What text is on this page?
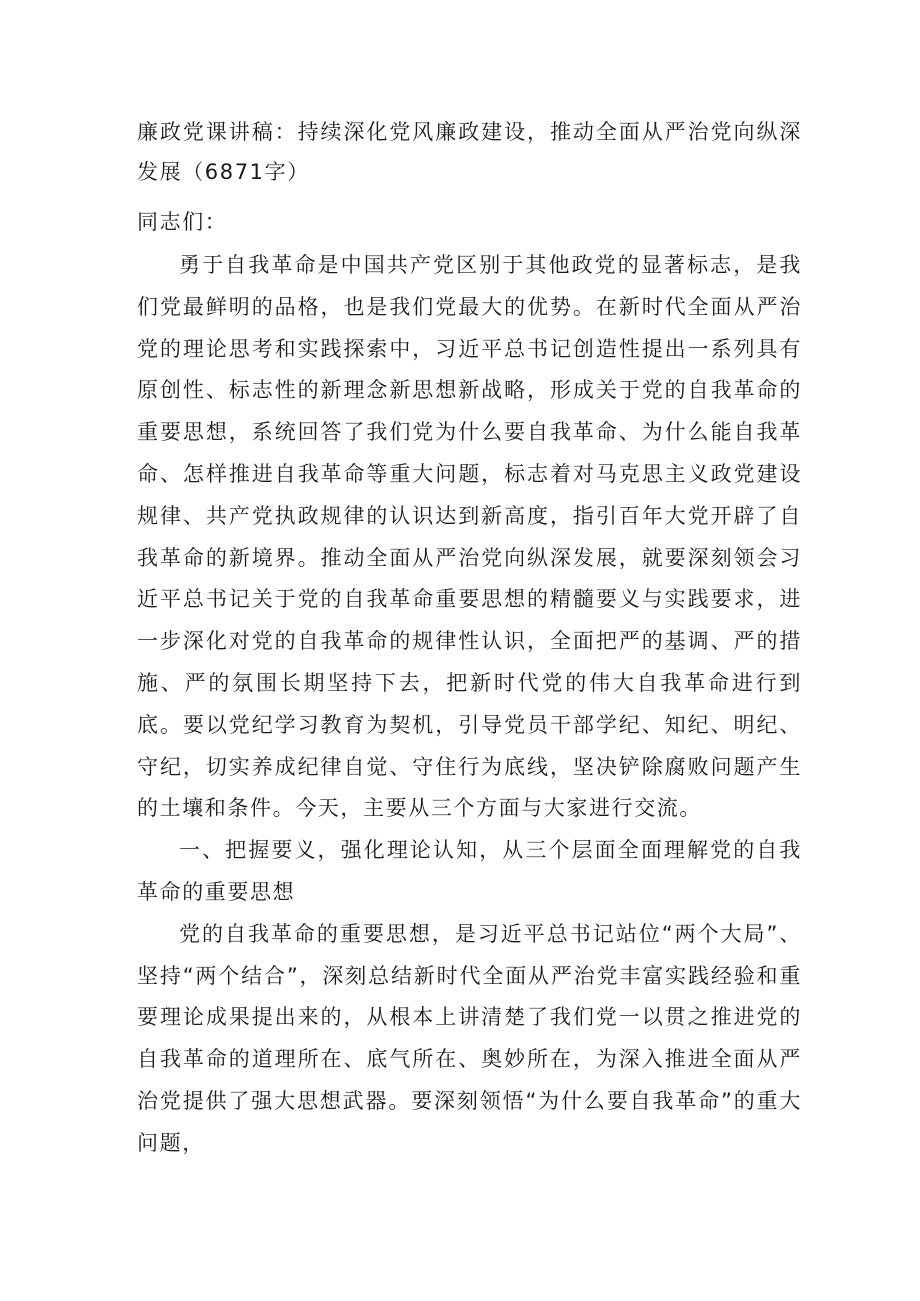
廉政党课讲稿：持续深化党风廉政建设，推动全面从严治党向纵深发展（6871字）

同志们：

勇于自我革命是中国共产党区别于其他政党的显著标志，是我们党最鲜明的品格，也是我们党最大的优势。在新时代全面从严治党的理论思考和实践探索中，习近平总书记创造性提出一系列具有原创性、标志性的新理念新思想新战略，形成关于党的自我革命的重要思想，系统回答了我们党为什么要自我革命、为什么能自我革命、怎样推进自我革命等重大问题，标志着对马克思主义政党建设规律、共产党执政规律的认识达到新高度，指引百年大党开辟了自我革命的新境界。推动全面从严治党向纵深发展，就要深刻领会习近平总书记关于党的自我革命重要思想的精髓要义与实践要求，进一步深化对党的自我革命的规律性认识，全面把严的基调、严的措施、严的氛围长期坚持下去，把新时代党的伟大自我革命进行到底。要以党纪学习教育为契机，引导党员干部学纪、知纪、明纪、守纪，切实养成纪律自觉、守住行为底线，坚决铲除腐败问题产生的土壤和条件。今天，主要从三个方面与大家进行交流。

一、把握要义，强化理论认知，从三个层面全面理解党的自我革命的重要思想

党的自我革命的重要思想，是习近平总书记站位“两个大局”、坚持“两个结合”，深刻总结新时代全面从严治党丰富实践经验和重要理论成果提出来的，从根本上讲清楚了我们党一以贯之推进党的自我革命的道理所在、底气所在、奥妙所在，为深入推进全面从严治党提供了强大思想武器。要深刻领悟“为什么要自我革命”的重大问题，
